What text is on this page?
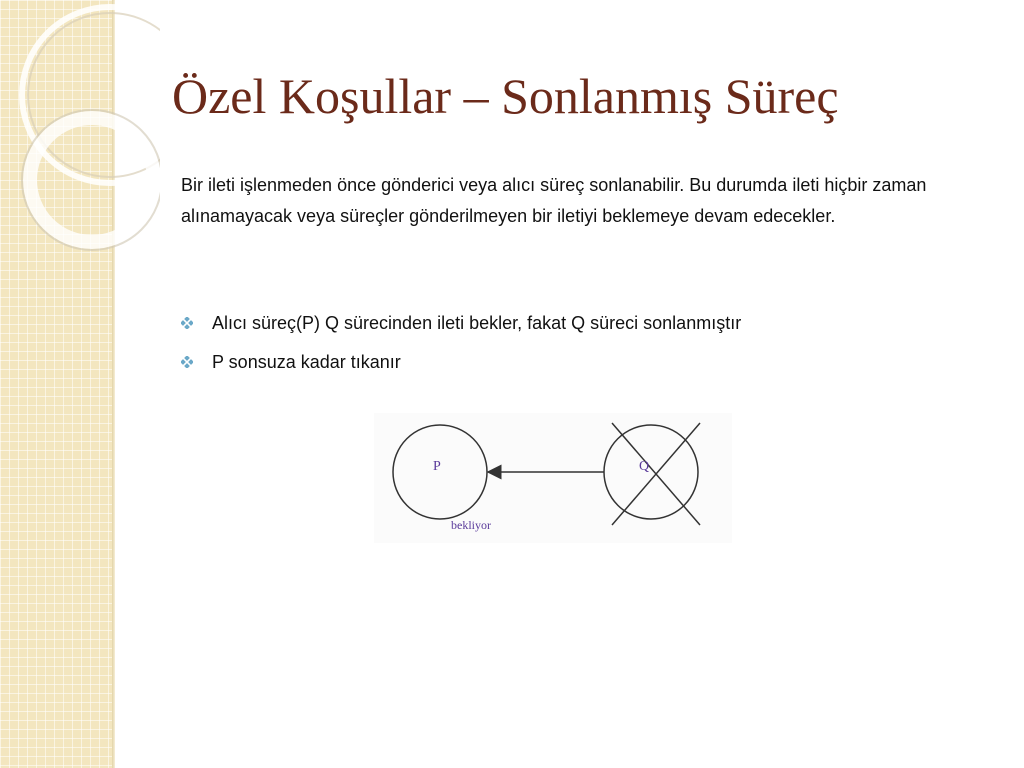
Özel Koşullar – Sonlanmış Süreç

Bir ileti işlenmeden önce gönderici veya alıcı süreç sonlanabilir. Bu durumda ileti hiçbir zaman alınamayacak veya süreçler gönderilmeyen bir iletiyi beklemeye devam edecekler.

Alıcı süreç(P) Q sürecinden ileti bekler, fakat Q süreci sonlanmıştır
P sonsuza kadar tıkanır
P	Q
bekliyor
